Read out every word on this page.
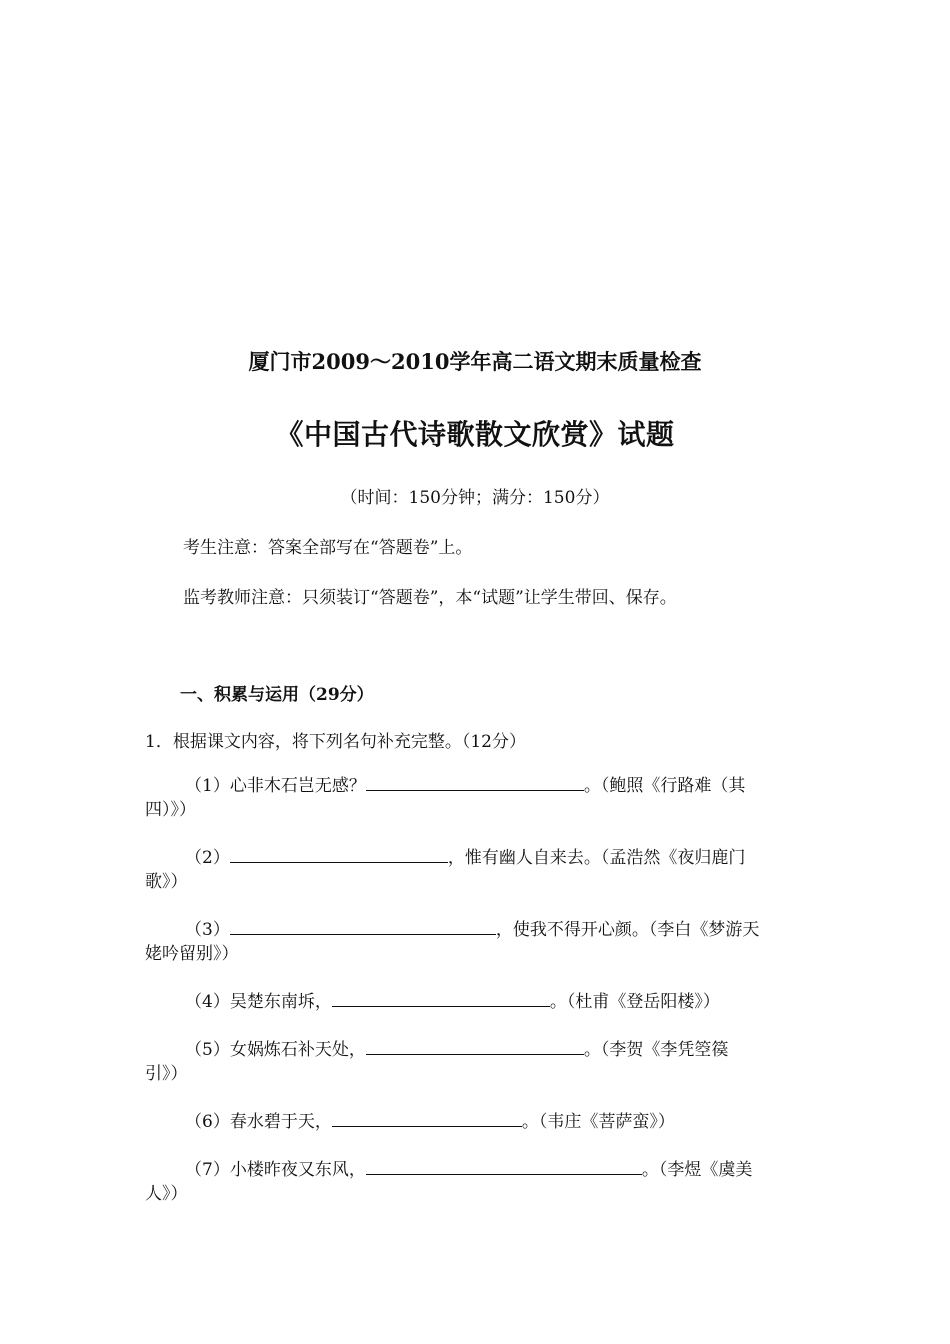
厦门市2009～2010学年高二语文期末质量检查
《中国古代诗歌散文欣赏》试题
（时间：150分钟；满分：150分）
考生注意：答案全部写在“答题卷”上。
监考教师注意：只须装订“答题卷”，本“试题”让学生带回、保存。
一、积累与运用（29分）
1．根据课文内容，将下列名句补充完整。（12分）
（1）心非木石岂无感？	。（鲍照《行路难（其
四）》）
（2）	，惟有幽人自来去。（孟浩然《夜归鹿门
歌》）
（3）	，使我不得开心颜。（李白《梦游天
姥吟留别》）
（4）吴楚东南坼，	。（杜甫《登岳阳楼》）
（5）女娲炼石补天处，	。（李贺《李凭箜篌
引》）
（6）春水碧于天，	。（韦庄《菩萨蛮》）
（7）小楼昨夜又东风，	。（李煜《虞美
人》）
